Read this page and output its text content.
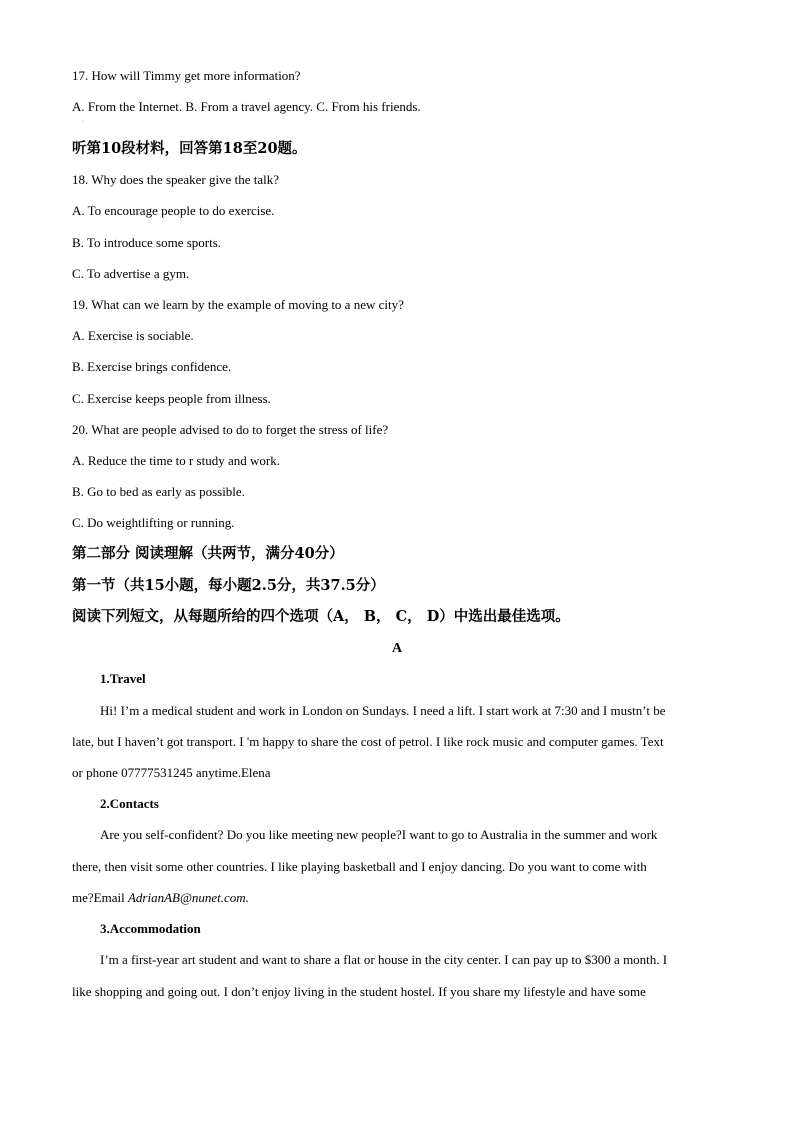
17. How will Timmy get more information?
A. From the Internet. B. From a travel agency. C. From his friends.
·
听第10段材料，回答第18至20题。
18. Why does the speaker give the talk?
A. To encourage people to do exercise.
B. To introduce some sports.
C. To advertise a gym.
19. What can we learn by the example of moving to a new city?
A. Exercise is sociable.
B. Exercise brings confidence.
C. Exercise keeps people from illness.
20. What are people advised to do to forget the stress of life?
A. Reduce the time to r study and work.
B. Go to bed as early as possible.
C. Do weightlifting or running.
第二部分 阅读理解（共两节，满分40分）
第一节（共15小题，每小题2.5分，共37.5分）
阅读下列短文，从每题所给的四个选项（A， B， C， D）中选出最佳选项。
A
1.Travel
Hi! I’m a medical student and work in London on Sundays. I need a lift. I start work at 7:30 and I mustn’t be
late, but I haven’t got transport. I 'm happy to share the cost of petrol. I like rock music and computer games. Text
or phone 07777531245 anytime.Elena
2.Contacts
Are you self-confident? Do you like meeting new people?I want to go to Australia in the summer and work
there, then visit some other countries. I like playing basketball and I enjoy dancing. Do you want to come with
me?Email AdrianAB@nunet.com.
3.Accommodation
I’m a first-year art student and want to share a flat or house in the city center. I can pay up to $300 a month. I
like shopping and going out. I don’t enjoy living in the student hostel. If you share my lifestyle and have some
